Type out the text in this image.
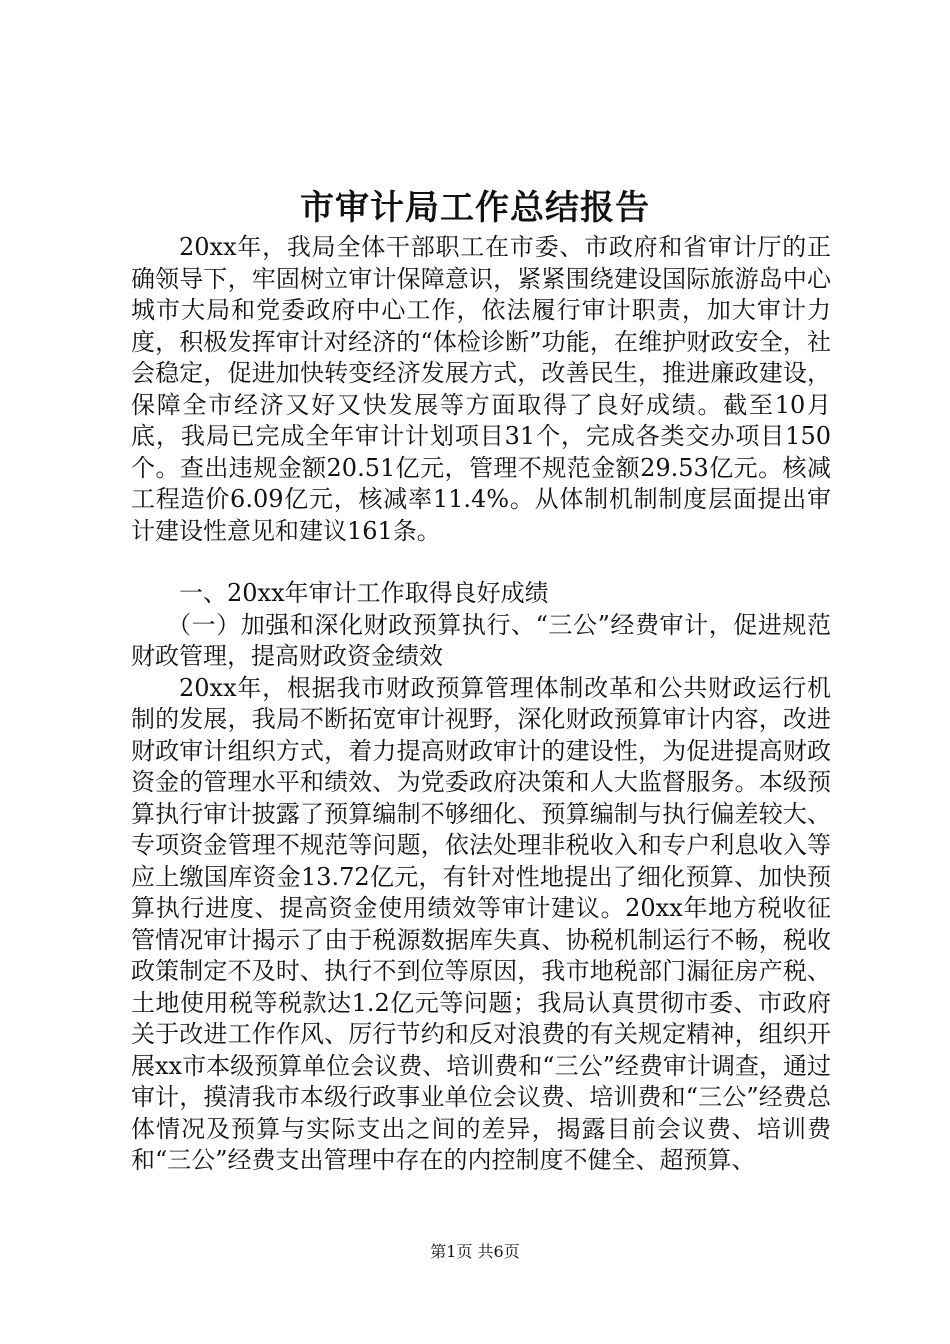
市审计局工作总结报告

20xx年，我局全体干部职工在市委、市政府和省审计厅的正确领导下，牢固树立审计保障意识，紧紧围绕建设国际旅游岛中心城市大局和党委政府中心工作，依法履行审计职责，加大审计力度，积极发挥审计对经济的“体检诊断”功能，在维护财政安全，社会稳定，促进加快转变经济发展方式，改善民生，推进廉政建设，保障全市经济又好又快发展等方面取得了良好成绩。截至10月底，我局已完成全年审计计划项目31个，完成各类交办项目150个。查出违规金额20.51亿元，管理不规范金额29.53亿元。核减工程造价6.09亿元，核减率11.4%。从体制机制制度层面提出审计建设性意见和建议161条。

一、20xx年审计工作取得良好成绩

（一）加强和深化财政预算执行、“三公”经费审计，促进规范财政管理，提高财政资金绩效

20xx年，根据我市财政预算管理体制改革和公共财政运行机制的发展，我局不断拓宽审计视野，深化财政预算审计内容，改进财政审计组织方式，着力提高财政审计的建设性，为促进提高财政资金的管理水平和绩效、为党委政府决策和人大监督服务。本级预算执行审计披露了预算编制不够细化、预算编制与执行偏差较大、专项资金管理不规范等问题，依法处理非税收入和专户利息收入等应上缴国库资金13.72亿元，有针对性地提出了细化预算、加快预算执行进度、提高资金使用绩效等审计建议。20xx年地方税收征管情况审计揭示了由于税源数据库失真、协税机制运行不畅，税收政策制定不及时、执行不到位等原因，我市地税部门漏征房产税、土地使用税等税款达1.2亿元等问题；我局认真贯彻市委、市政府关于改进工作作风、厉行节约和反对浪费的有关规定精神，组织开展xx市本级预算单位会议费、培训费和“三公”经费审计调查，通过审计，摸清我市本级行政事业单位会议费、培训费和“三公”经费总体情况及预算与实际支出之间的差异，揭露目前会议费、培训费和“三公”经费支出管理中存在的内控制度不健全、超预算、

第1页 共6页
